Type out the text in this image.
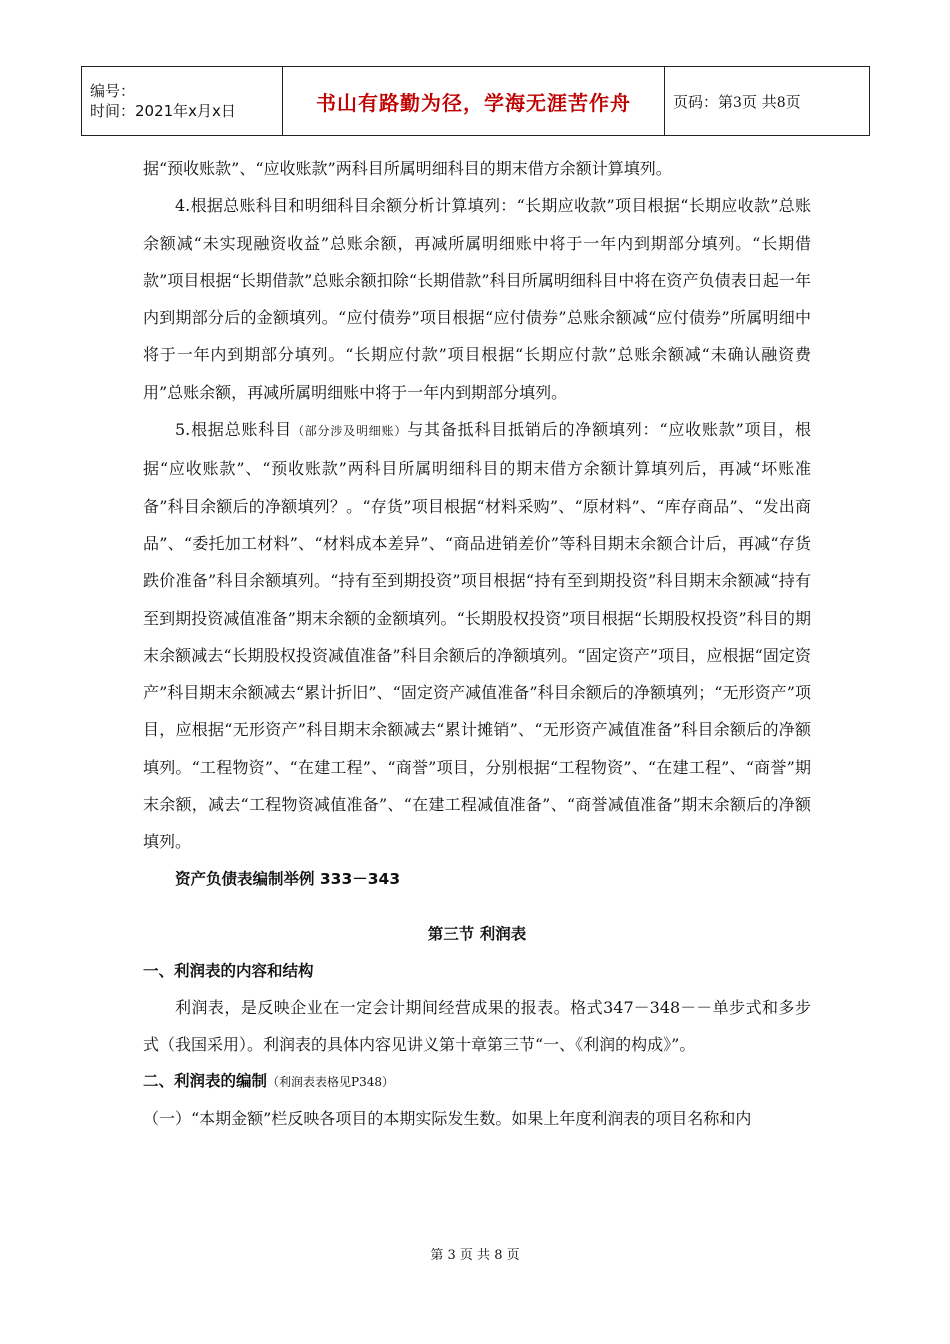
编号：
时间：2021年x月x日	书山有路勤为径，学海无涯苦作舟	页码：第3页 共8页

据“预收账款”、“应收账款”两科目所属明细科目的期末借方余额计算填列。

4.根据总账科目和明细科目余额分析计算填列：“长期应收款”项目根据“长期应收款”总账余额减“未实现融资收益”总账余额，再减所属明细账中将于一年内到期部分填列。“长期借款”项目根据“长期借款”总账余额扣除“长期借款”科目所属明细科目中将在资产负债表日起一年内到期部分后的金额填列。“应付债券”项目根据“应付债券”总账余额减“应付债券”所属明细中将于一年内到期部分填列。“长期应付款”项目根据“长期应付款”总账余额减“未确认融资费用”总账余额，再减所属明细账中将于一年内到期部分填列。

5.根据总账科目（部分涉及明细账）与其备抵科目抵销后的净额填列：“应收账款”项目，根据“应收账款”、“预收账款”两科目所属明细科目的期末借方余额计算填列后，再减“坏账准备”科目余额后的净额填列？。“存货”项目根据“材料采购”、“原材料”、“库存商品”、“发出商品”、“委托加工材料”、“材料成本差异”、“商品进销差价”等科目期末余额合计后，再减“存货跌价准备”科目余额填列。“持有至到期投资”项目根据“持有至到期投资”科目期末余额减“持有至到期投资减值准备”期末余额的金额填列。“长期股权投资”项目根据“长期股权投资”科目的期末余额减去“长期股权投资减值准备”科目余额后的净额填列。“固定资产”项目，应根据“固定资产”科目期末余额减去“累计折旧”、“固定资产减值准备”科目余额后的净额填列；“无形资产”项目，应根据“无形资产”科目期末余额减去“累计摊销”、“无形资产减值准备”科目余额后的净额填列。“工程物资”、“在建工程”、“商誉”项目，分别根据“工程物资”、“在建工程”、“商誉”期末余额，减去“工程物资减值准备”、“在建工程减值准备”、“商誉减值准备”期末余额后的净额填列。

资产负债表编制举例 333－343

第三节 利润表

一、利润表的内容和结构

利润表，是反映企业在一定会计期间经营成果的报表。格式347－348－－单步式和多步式（我国采用）。利润表的具体内容见讲义第十章第三节“一、《利润的构成》”。

二、利润表的编制（利润表表格见P348）

（一）“本期金额”栏反映各项目的本期实际发生数。如果上年度利润表的项目名称和内

第 3 页 共 8 页
